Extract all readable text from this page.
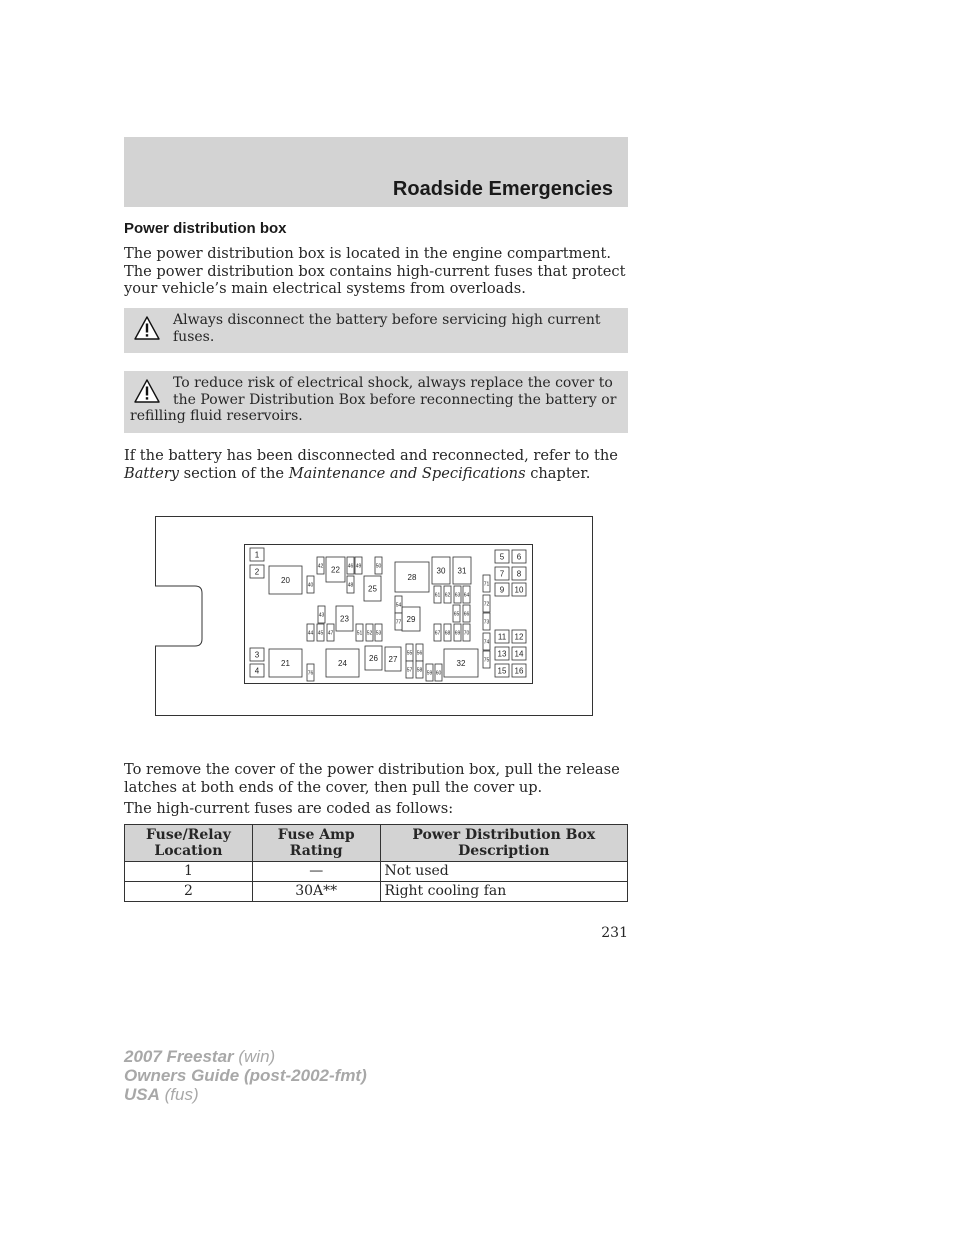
Roadside Emergencies
Power distribution box
The power distribution box is located in the engine compartment. The power distribution box contains high-current fuses that protect your vehicle’s main electrical systems from overloads.
Always disconnect the battery before servicing high current fuses.
To reduce risk of electrical shock, always replace the cover to the Power Distribution Box before reconnecting the battery or refilling fluid reservoirs.
If the battery has been disconnected and reconnected, refer to the Battery section of the Maintenance and Specifications chapter.
1
2
3
4
5 6
7 8
9 10
11 12
13 14
15 16
20
21
22
23
24
25
26 27
28
29
30 31
32
42
40
43
44 45 47
46
48
49	50
51 52 53
54
55 56
57 58 59 60
61 62 63 64
65 66
67 68 69 70
71
72
73
74
75
76
77
To remove the cover of the power distribution box, pull the release latches at both ends of the cover, then pull the cover up.
The high-current fuses are coded as follows:
Fuse/Relay Location	Fuse Amp Rating	Power Distribution Box Description
1	—	Not used
2	30A**	Right cooling fan
231
2007 Freestar (win)
Owners Guide (post-2002-fmt)
USA (fus)
